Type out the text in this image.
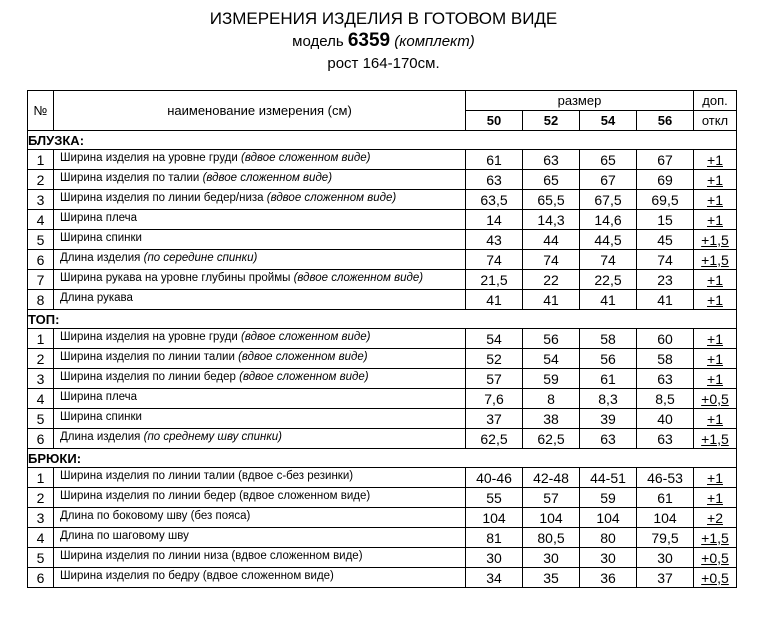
ИЗМЕРЕНИЯ ИЗДЕЛИЯ В ГОТОВОМ ВИДЕ
модель 6359 (комплект)
рост 164-170см.
№	наименование измерения (см)	размер				доп.
		50	52	54	56	откл
БЛУЗКА:						
1	Ширина изделия на уровне груди (вдвое сложенном виде)	61	63	65	67	+1
2	Ширина изделия по талии (вдвое сложенном виде)	63	65	67	69	+1
3	Ширина изделия по линии бедер/низа (вдвое сложенном виде)	63,5	65,5	67,5	69,5	+1
4	Ширина плеча	14	14,3	14,6	15	+1
5	Ширина спинки	43	44	44,5	45	+1,5
6	Длина изделия (по середине спинки)	74	74	74	74	+1,5
7	Ширина рукава на уровне глубины проймы (вдвое сложенном виде)	21,5	22	22,5	23	+1
8	Длина рукава	41	41	41	41	+1
ТОП:						
1	Ширина изделия на уровне груди (вдвое сложенном виде)	54	56	58	60	+1
2	Ширина изделия по линии талии (вдвое сложенном виде)	52	54	56	58	+1
3	Ширина изделия по линии бедер (вдвое сложенном виде)	57	59	61	63	+1
4	Ширина плеча	7,6	8	8,3	8,5	+0,5
5	Ширина спинки	37	38	39	40	+1
6	Длина изделия (по среднему шву спинки)	62,5	62,5	63	63	+1,5
БРЮКИ:						
1	Ширина изделия по линии талии (вдвое с-без резинки)	40-46	42-48	44-51	46-53	+1
2	Ширина изделия по линии бедер (вдвое сложенном виде)	55	57	59	61	+1
3	Длина по боковому шву (без пояса)	104	104	104	104	+2
4	Длина по шаговому шву	81	80,5	80	79,5	+1,5
5	Ширина изделия по линии низа (вдвое сложенном виде)	30	30	30	30	+0,5
6	Ширина изделия по бедру (вдвое сложенном виде)	34	35	36	37	+0,5
